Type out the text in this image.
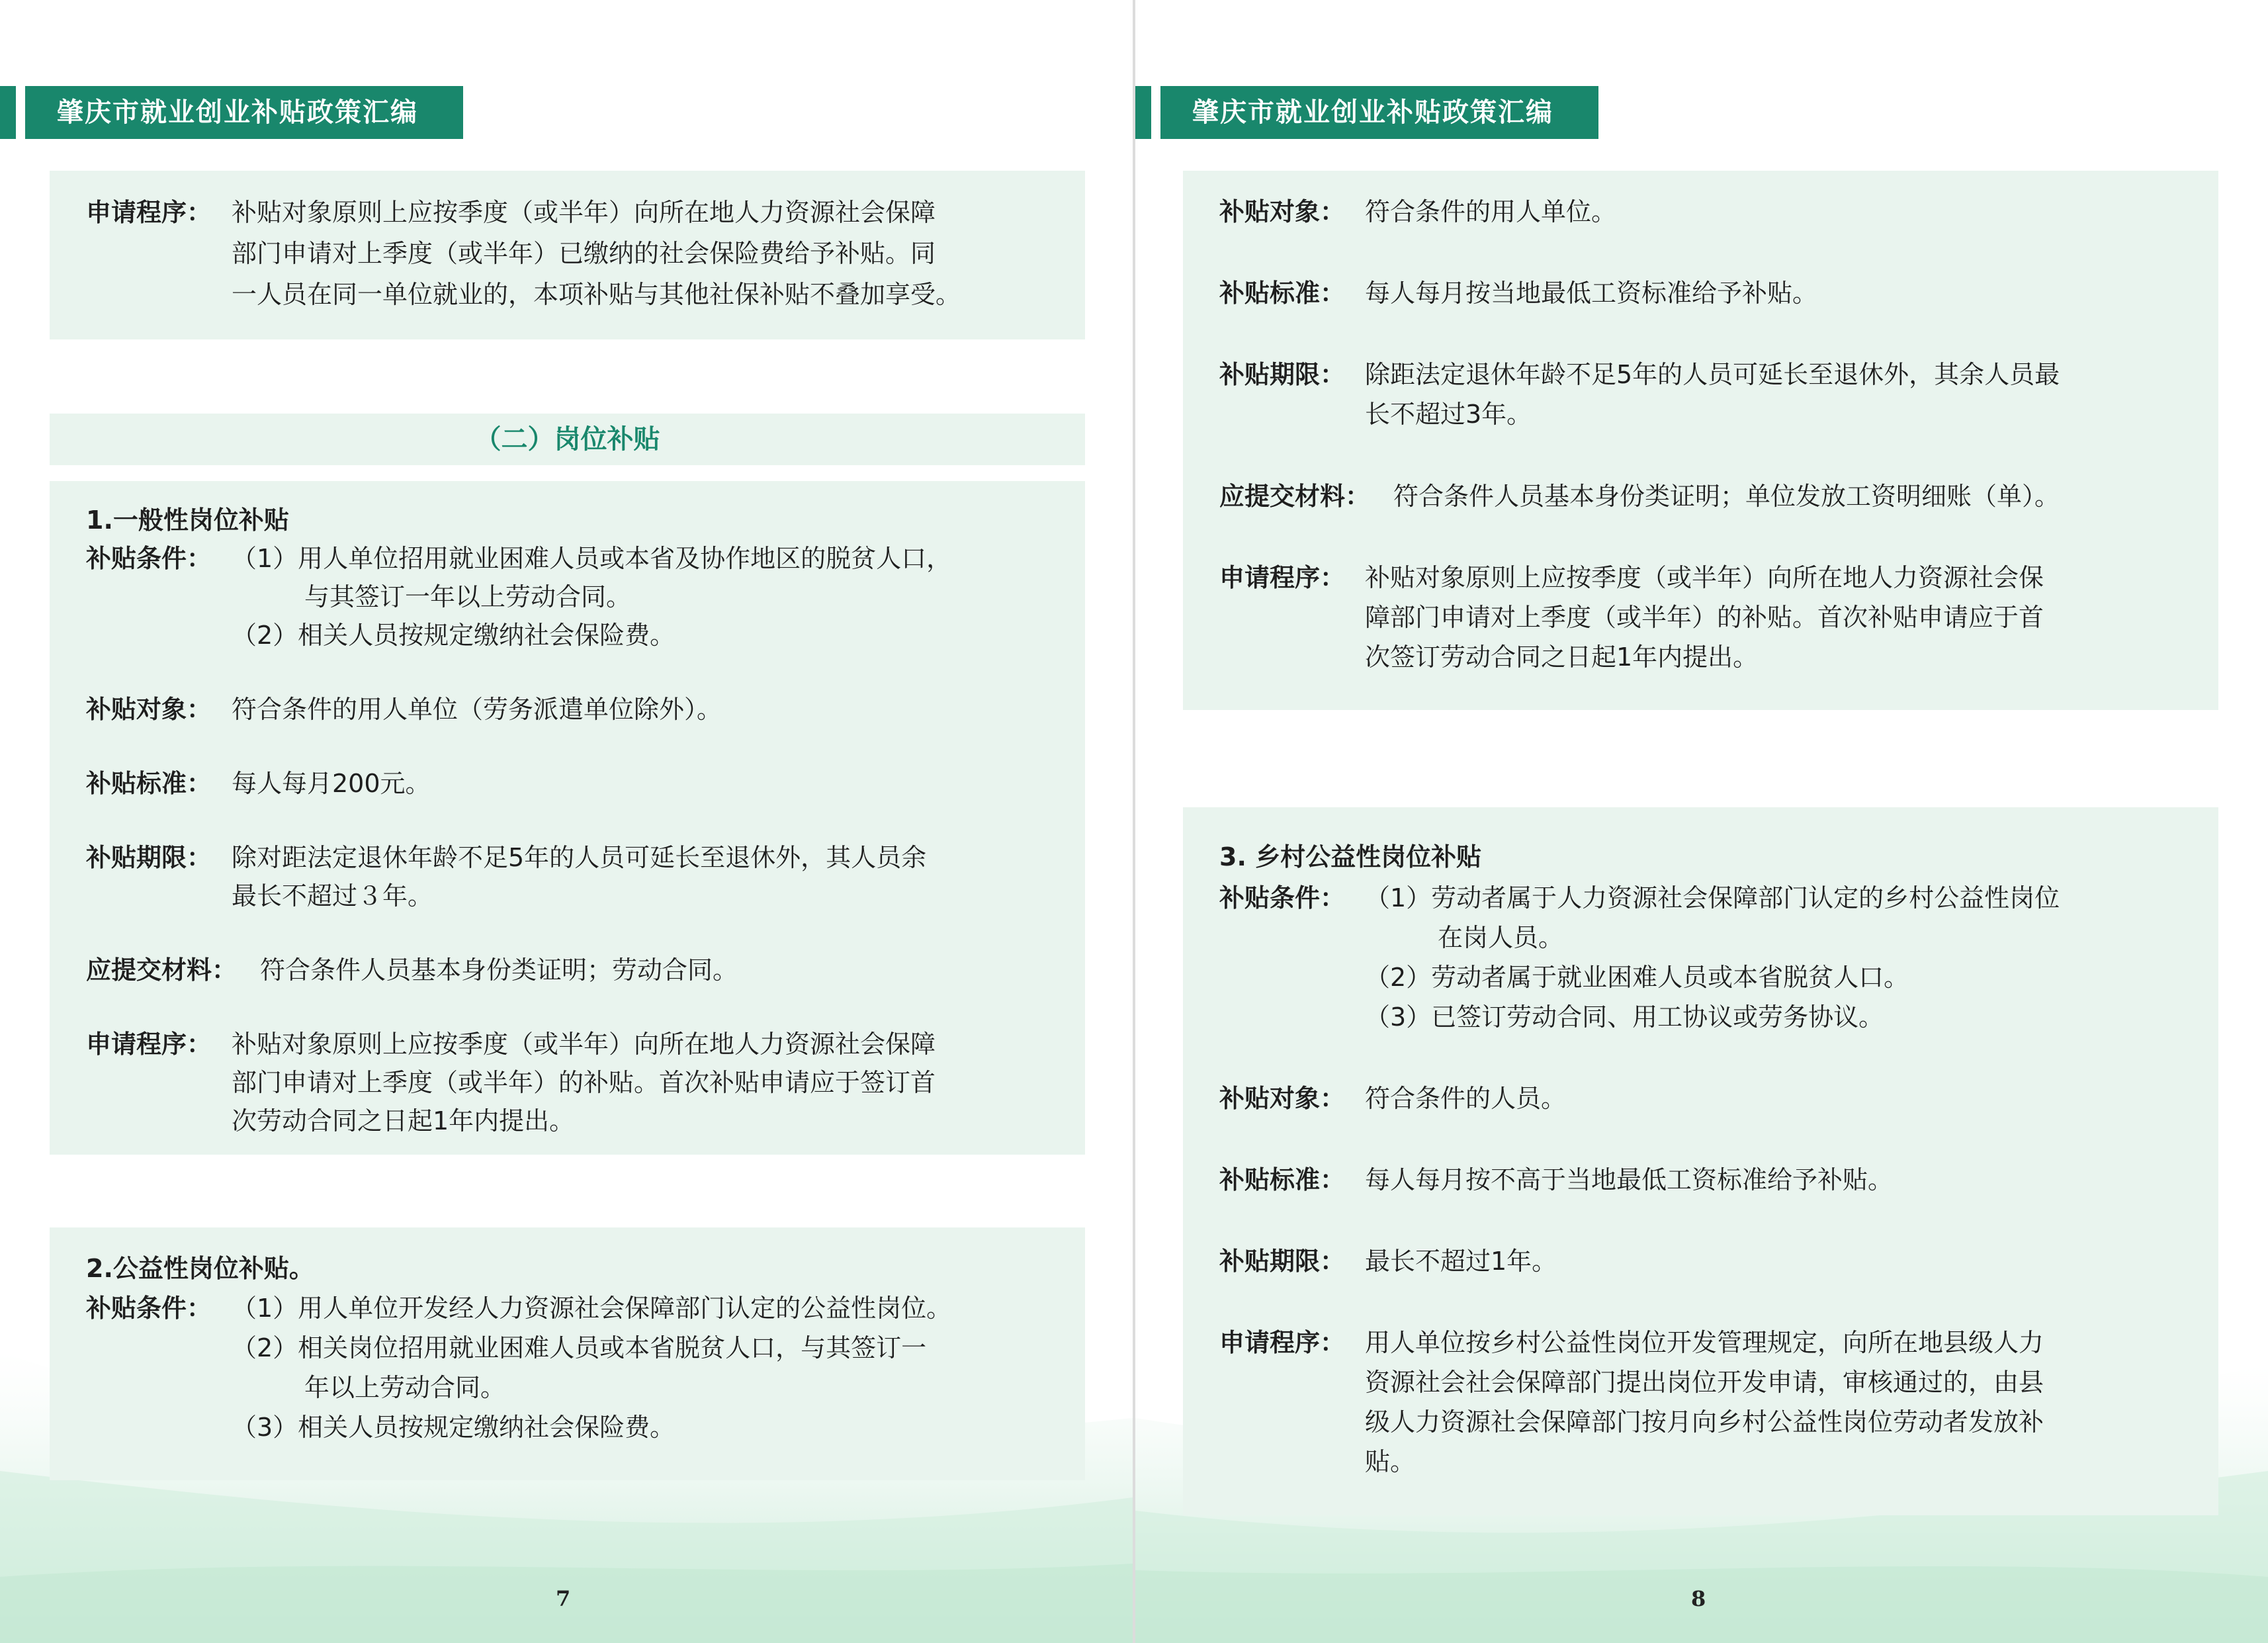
肇庆市就业创业补贴政策汇编
申请程序： 补贴对象原则上应按季度（或半年）向所在地人力资源社会保障
部门申请对上季度（或半年）已缴纳的社会保险费给予补贴。同
一人员在同一单位就业的，本项补贴与其他社保补贴不叠加享受。
（二）岗位补贴
1.一般性岗位补贴
补贴条件： （1）用人单位招用就业困难人员或本省及协作地区的脱贫人口，
与其签订一年以上劳动合同。
（2）相关人员按规定缴纳社会保险费。
补贴对象： 符合条件的用人单位（劳务派遣单位除外）。
补贴标准： 每人每月200元。
补贴期限： 除对距法定退休年龄不足5年的人员可延长至退休外，其人员余
最长不超过３年。
应提交材料： 符合条件人员基本身份类证明；劳动合同。
申请程序： 补贴对象原则上应按季度（或半年）向所在地人力资源社会保障
部门申请对上季度（或半年）的补贴。首次补贴申请应于签订首
次劳动合同之日起1年内提出。
2.公益性岗位补贴。
补贴条件： （1）用人单位开发经人力资源社会保障部门认定的公益性岗位。
（2）相关岗位招用就业困难人员或本省脱贫人口，与其签订一
年以上劳动合同。
（3）相关人员按规定缴纳社会保险费。
7
肇庆市就业创业补贴政策汇编
补贴对象： 符合条件的用人单位。
补贴标准： 每人每月按当地最低工资标准给予补贴。
补贴期限： 除距法定退休年龄不足5年的人员可延长至退休外，其余人员最
长不超过3年。
应提交材料： 符合条件人员基本身份类证明；单位发放工资明细账（单）。
申请程序： 补贴对象原则上应按季度（或半年）向所在地人力资源社会保
障部门申请对上季度（或半年）的补贴。首次补贴申请应于首
次签订劳动合同之日起1年内提出。
3. 乡村公益性岗位补贴
补贴条件： （1）劳动者属于人力资源社会保障部门认定的乡村公益性岗位
在岗人员。
（2）劳动者属于就业困难人员或本省脱贫人口。
（3）已签订劳动合同、用工协议或劳务协议。
补贴对象： 符合条件的人员。
补贴标准： 每人每月按不高于当地最低工资标准给予补贴。
补贴期限： 最长不超过1年。
申请程序： 用人单位按乡村公益性岗位开发管理规定，向所在地县级人力
资源社会社会保障部门提出岗位开发申请，审核通过的，由县
级人力资源社会保障部门按月向乡村公益性岗位劳动者发放补
贴。
8
